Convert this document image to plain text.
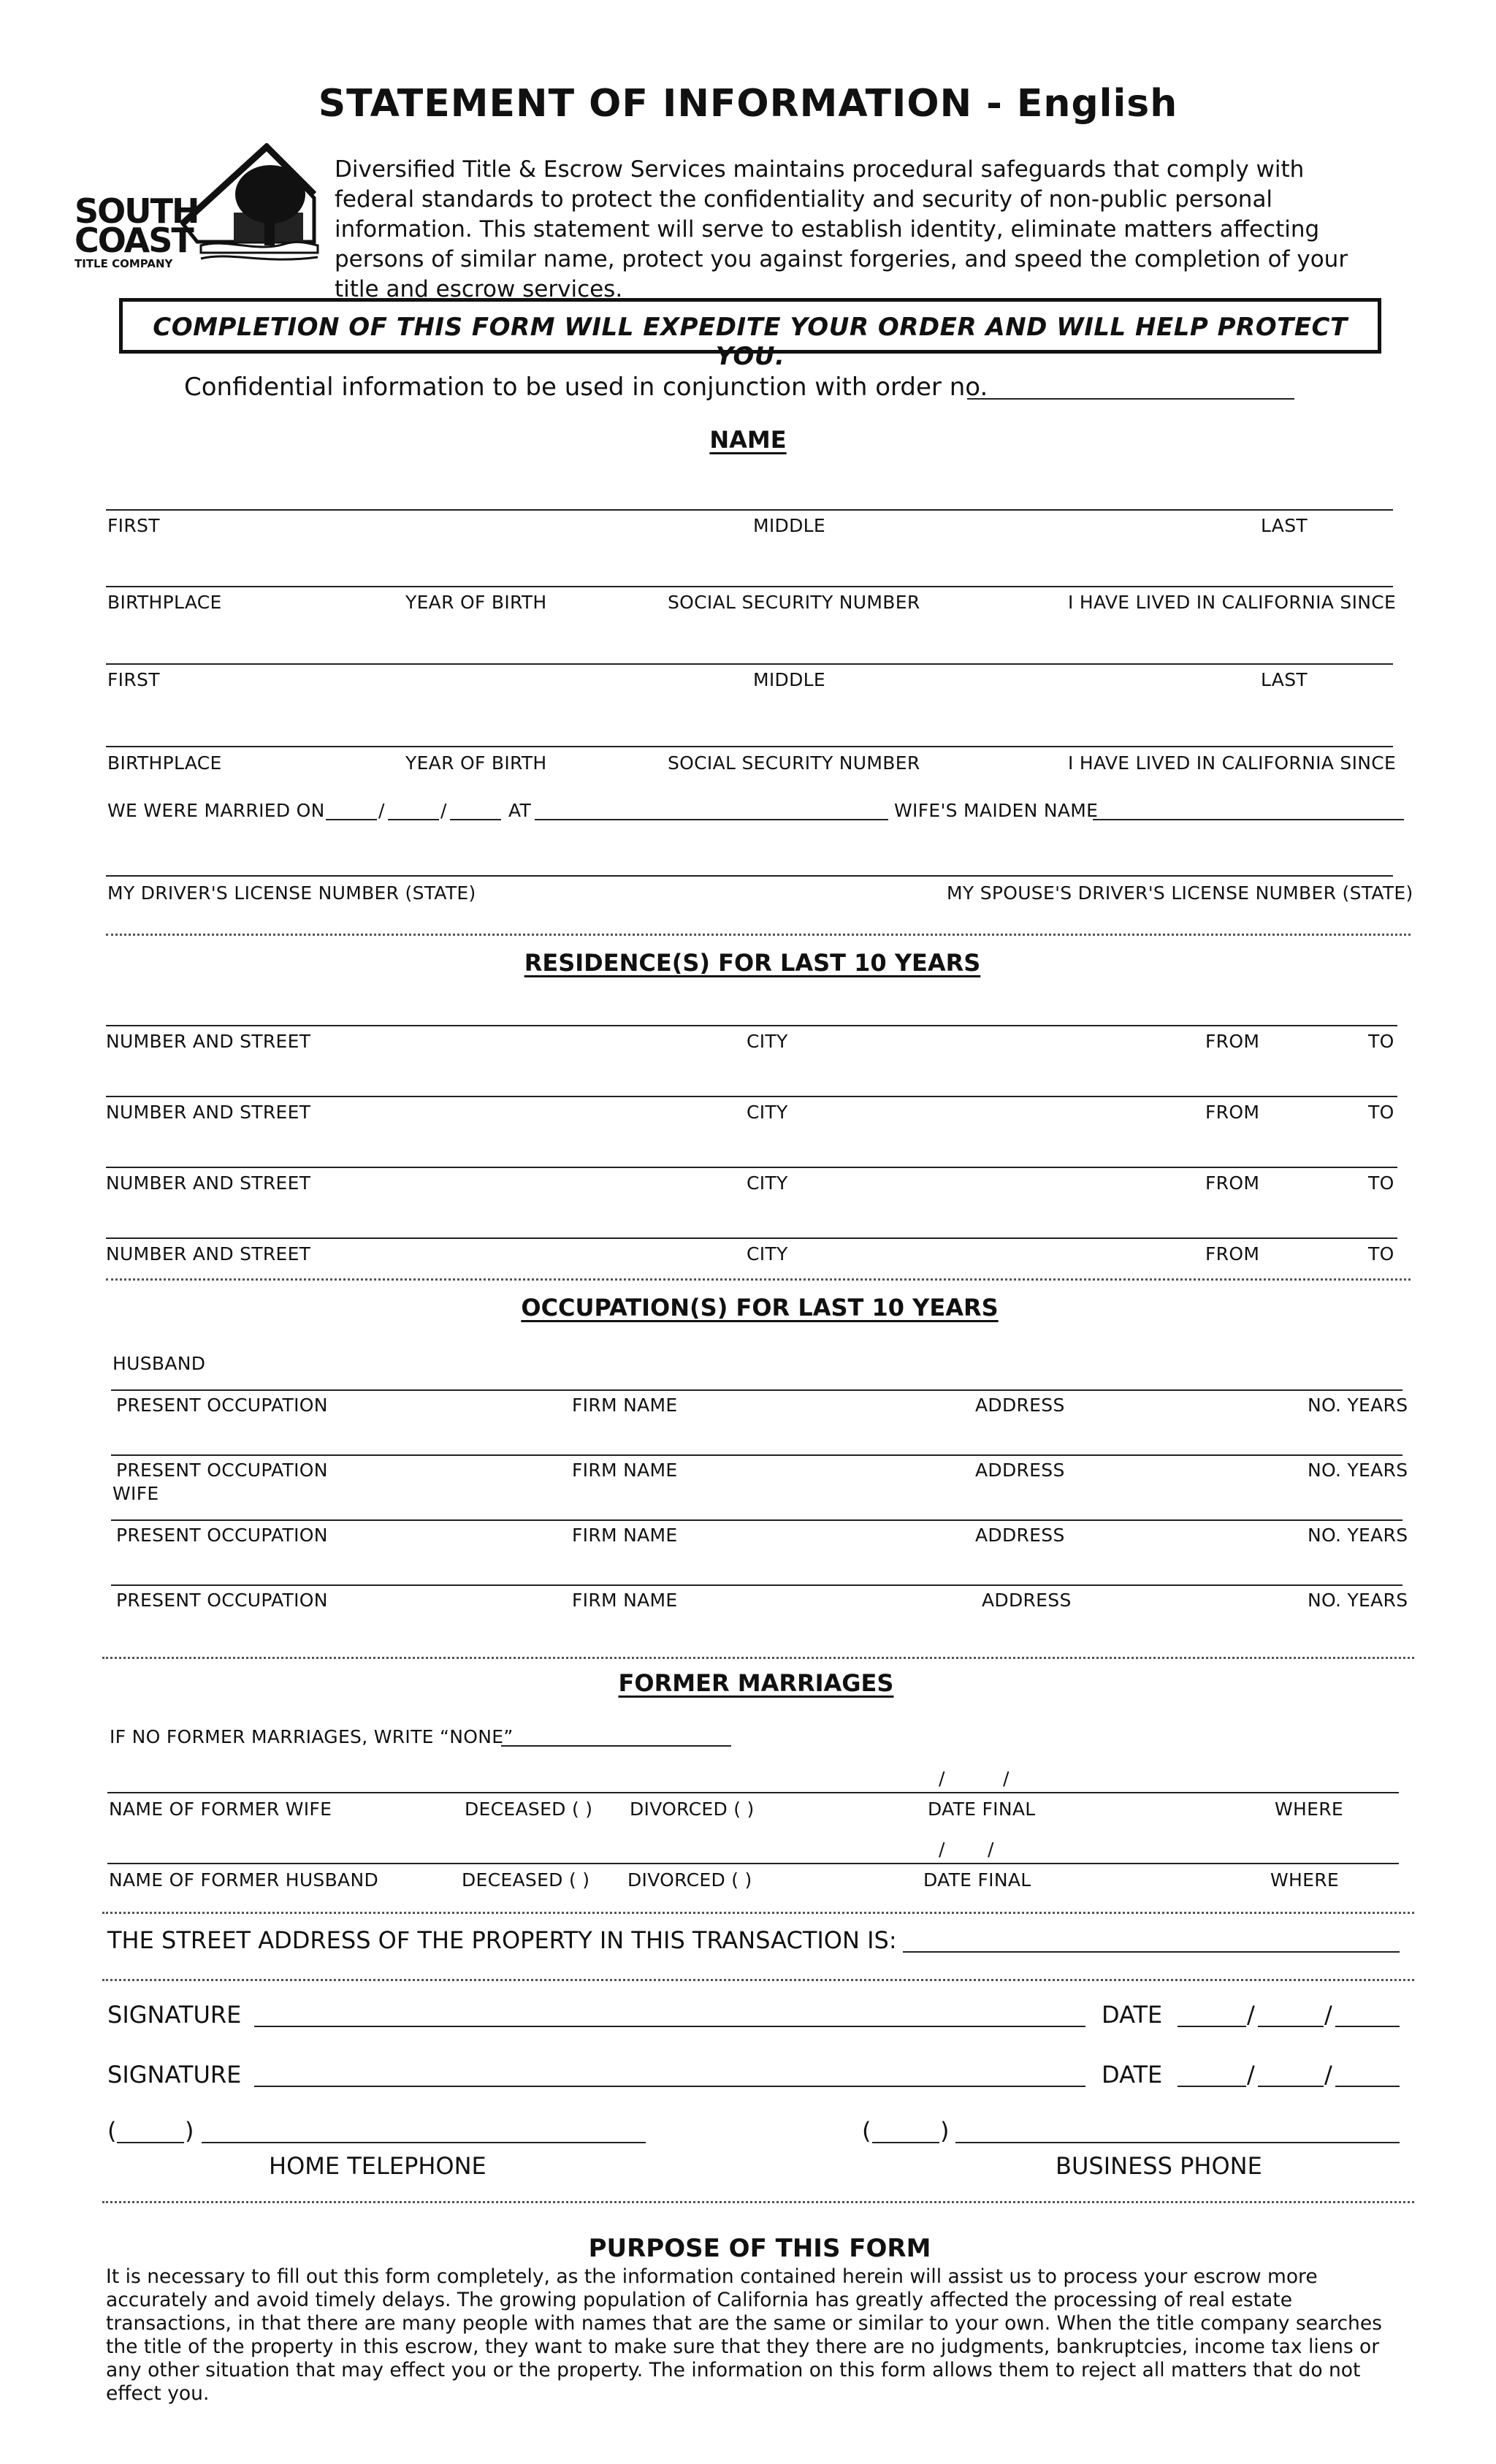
STATEMENT OF INFORMATION - English
SOUTH
COAST
TITLE COMPANY
Diversified Title & Escrow Services maintains procedural safeguards that comply with federal standards to protect the confidentiality and security of non-public personal information. This statement will serve to establish identity, eliminate matters affecting persons of similar name, protect you against forgeries, and speed the completion of your title and escrow services.
COMPLETION OF THIS FORM WILL EXPEDITE YOUR ORDER AND WILL HELP PROTECT YOU.
Confidential information to be used in conjunction with order no.
NAME
FIRST	MIDDLE	LAST
BIRTHPLACE	YEAR OF BIRTH	SOCIAL SECURITY NUMBER	I HAVE LIVED IN CALIFORNIA SINCE
FIRST	MIDDLE	LAST
BIRTHPLACE	YEAR OF BIRTH	SOCIAL SECURITY NUMBER	I HAVE LIVED IN CALIFORNIA SINCE
WE WERE MARRIED ON	/	/	AT	WIFE'S MAIDEN NAME
MY DRIVER'S LICENSE NUMBER (STATE)	MY SPOUSE'S DRIVER'S LICENSE NUMBER (STATE)
RESIDENCE(S) FOR LAST 10 YEARS
NUMBER AND STREET	CITY	FROM	TO
NUMBER AND STREET	CITY	FROM	TO
NUMBER AND STREET	CITY	FROM	TO
NUMBER AND STREET	CITY	FROM	TO
OCCUPATION(S) FOR LAST 10 YEARS
HUSBAND
PRESENT OCCUPATION	FIRM NAME	ADDRESS	NO. YEARS
PRESENT OCCUPATION	FIRM NAME	ADDRESS	NO. YEARS
WIFE
PRESENT OCCUPATION	FIRM NAME	ADDRESS	NO. YEARS
PRESENT OCCUPATION	FIRM NAME	ADDRESS	NO. YEARS
FORMER MARRIAGES
IF NO FORMER MARRIAGES, WRITE “NONE”
/	/
NAME OF FORMER WIFE	DECEASED ( ) DIVORCED ( )	DATE FINAL	WHERE
/ /
NAME OF FORMER HUSBAND	DECEASED ( ) DIVORCED ( )	DATE FINAL	WHERE
THE STREET ADDRESS OF THE PROPERTY IN THIS TRANSACTION IS:
SIGNATURE	DATE	/	/
SIGNATURE	DATE	/	/
(	)
HOME TELEPHONE
(	)
BUSINESS PHONE
PURPOSE OF THIS FORM
It is necessary to fill out this form completely, as the information contained herein will assist us to process your escrow more accurately and avoid timely delays. The growing population of California has greatly affected the processing of real estate transactions, in that there are many people with names that are the same or similar to your own. When the title company searches the title of the property in this escrow, they want to make sure that they there are no judgments, bankruptcies, income tax liens or any other situation that may effect you or the property. The information on this form allows them to reject all matters that do not effect you.
